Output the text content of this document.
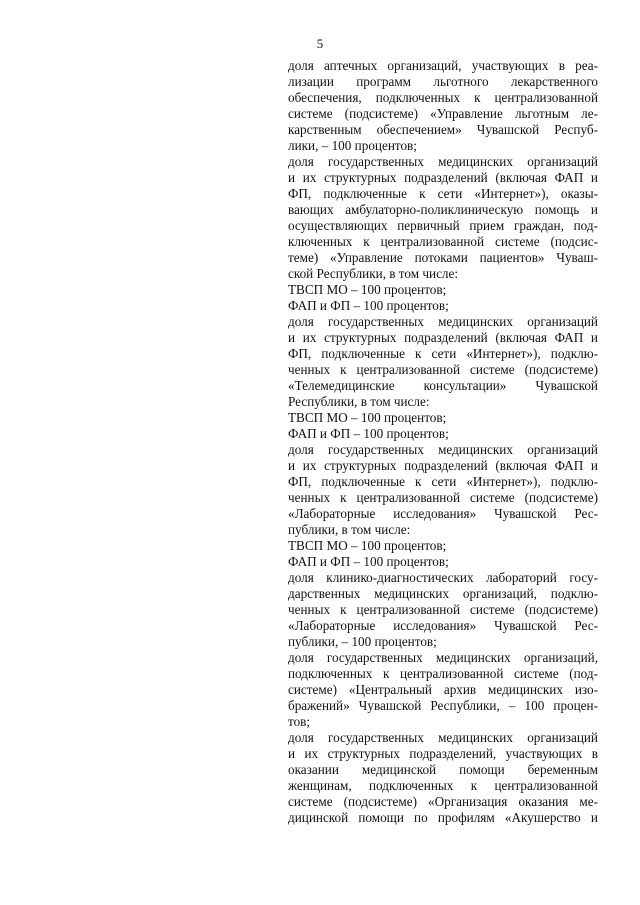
5
доля аптечных организаций, участвующих в реа-
лизации программ льготного лекарственного
обеспечения, подключенных к централизованной
системе (подсистеме) «Управление льготным ле-
карственным обеспечением» Чувашской Респуб-
лики, – 100 процентов;
доля государственных медицинских организаций
и их структурных подразделений (включая ФАП и
ФП, подключенные к сети «Интернет»), оказы-
вающих амбулаторно-поликлиническую помощь и
осуществляющих первичный прием граждан, под-
ключенных к централизованной системе (подсис-
теме) «Управление потоками пациентов» Чуваш-
ской Республики, в том числе:
ТВСП МО – 100 процентов;
ФАП и ФП – 100 процентов;
доля государственных медицинских организаций
и их структурных подразделений (включая ФАП и
ФП, подключенные к сети «Интернет»), подклю-
ченных к централизованной системе (подсистеме)
«Телемедицинские консультации» Чувашской
Республики, в том числе:
ТВСП МО – 100 процентов;
ФАП и ФП – 100 процентов;
доля государственных медицинских организаций
и их структурных подразделений (включая ФАП и
ФП, подключенные к сети «Интернет»), подклю-
ченных к централизованной системе (подсистеме)
«Лабораторные исследования» Чувашской Рес-
публики, в том числе:
ТВСП МО – 100 процентов;
ФАП и ФП – 100 процентов;
доля клинико-диагностических лабораторий госу-
дарственных медицинских организаций, подклю-
ченных к централизованной системе (подсистеме)
«Лабораторные исследования» Чувашской Рес-
публики, – 100 процентов;
доля государственных медицинских организаций,
подключенных к централизованной системе (под-
системе) «Центральный архив медицинских изо-
бражений» Чувашской Республики, – 100 процен-
тов;
доля государственных медицинских организаций
и их структурных подразделений, участвующих в
оказании медицинской помощи беременным
женщинам, подключенных к централизованной
системе (подсистеме) «Организация оказания ме-
дицинской помощи по профилям «Акушерство и
